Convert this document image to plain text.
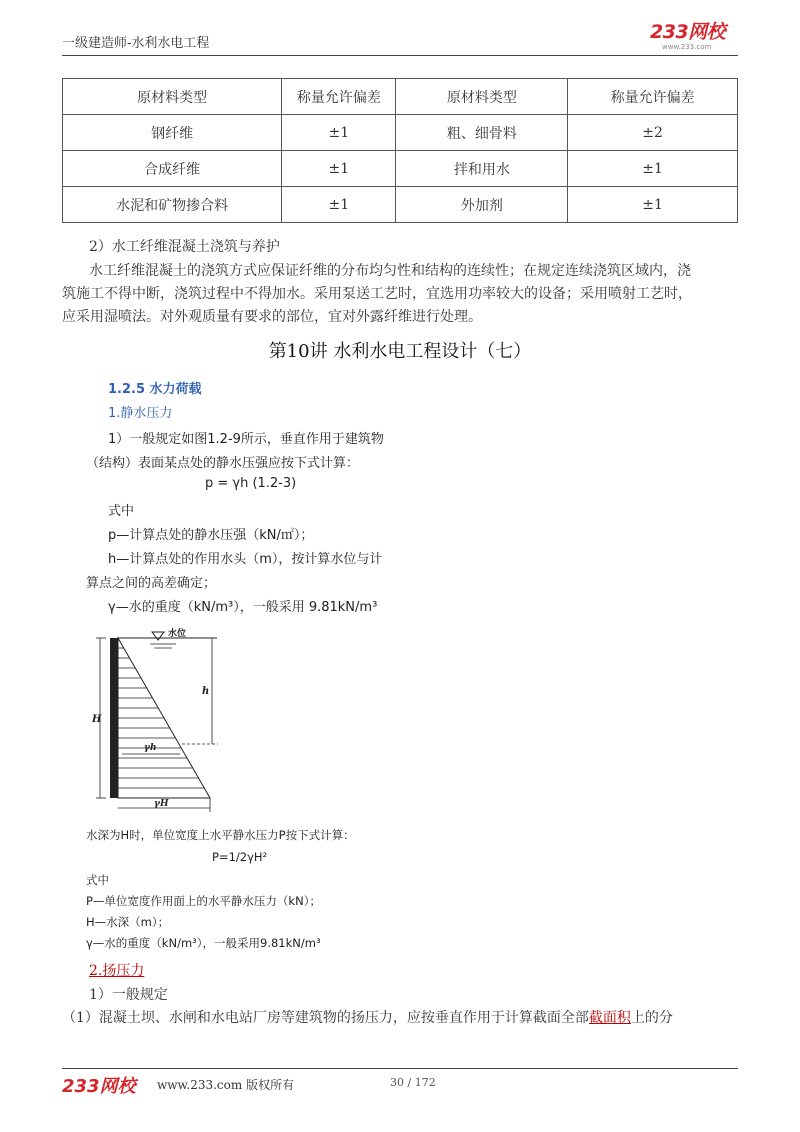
一级建造师-水利水电工程
233网校
www.233.com
原材料类型	称量允许偏差	原材料类型	称量允许偏差
钢纤维	±1	粗、细骨料	±2
合成纤维	±1	拌和用水	±1
水泥和矿物掺合料	±1	外加剂	±1
2）水工纤维混凝土浇筑与养护
水工纤维混凝土的浇筑方式应保证纤维的分布均匀性和结构的连续性；在规定连续浇筑区域内，浇
筑施工不得中断，浇筑过程中不得加水。采用泵送工艺时，宜选用功率较大的设备；采用喷射工艺时，
应采用湿喷法。对外观质量有要求的部位，宜对外露纤维进行处理。
第10讲 水利水电工程设计（七）
1.2.5 水力荷载
1.静水压力
1）一般规定如图1.2-9所示，垂直作用于建筑物
（结构）表面某点处的静水压强应按下式计算：
p = γh (1.2-3)
式中
p—计算点处的静水压强（kN/㎡）；
h—计算点处的作用水头（m），按计算水位与计
算点之间的高差确定；
γ—水的重度（kN/m³），一般采用 9.81kN/m³
水位
H
h
γh
γH
水深为H时，单位宽度上水平静水压力P按下式计算：
P=1/2γH²
式中
P—单位宽度作用面上的水平静水压力（kN）；
H—水深（m）；
γ—水的重度（kN/m³），一般采用9.81kN/m³
2.扬压力
1）一般规定
（1）混凝土坝、水闸和水电站厂房等建筑物的扬压力，应按垂直作用于计算截面全部截面积上的分
233网校 www.233.com 版权所有	30 / 172
